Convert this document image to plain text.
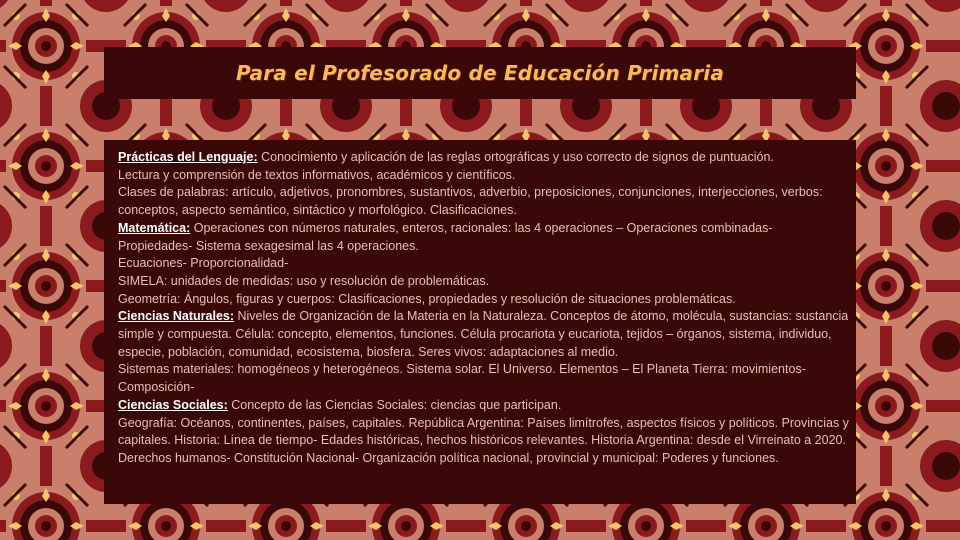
Para el Profesorado de Educación Primaria

Prácticas del Lenguaje: Conocimiento y aplicación de las reglas ortográficas y uso correcto de signos de puntuación.

Lectura y comprensión de textos informativos, académicos y científicos.

Clases de palabras: artículo, adjetivos, pronombres, sustantivos, adverbio, preposiciones, conjunciones, interjecciones, verbos: conceptos, aspecto semántico, sintáctico y morfológico. Clasificaciones.

Matemática: Operaciones con números naturales, enteros, racionales: las 4 operaciones – Operaciones combinadas- Propiedades- Sistema sexagesimal las 4 operaciones.

Ecuaciones- Proporcionalidad-

SIMELA: unidades de medidas: uso y resolución de problemáticas.

Geometría: Ángulos, figuras y cuerpos: Clasificaciones, propiedades y resolución de situaciones problemáticas.

Ciencias Naturales: Niveles de Organización de la Materia en la Naturaleza. Conceptos de átomo, molécula, sustancias: sustancia simple y compuesta. Célula: concepto, elementos, funciones. Célula procariota y eucariota, tejidos – órganos, sistema, individuo, especie, población, comunidad, ecosistema, biosfera. Seres vivos: adaptaciones al medio.

Sistemas materiales: homogéneos y heterogéneos. Sistema solar. El Universo. Elementos – El Planeta Tierra: movimientos- Composición-

Ciencias Sociales: Concepto de las Ciencias Sociales: ciencias que participan.

Geografía: Océanos, continentes, países, capitales. República Argentina: Países limítrofes, aspectos físicos y políticos. Provincias y capitales. Historia: Línea de tiempo- Edades históricas, hechos históricos relevantes. Historia Argentina: desde el Virreinato a 2020. Derechos humanos- Constitución Nacional- Organización política nacional, provincial y municipal: Poderes y funciones.
